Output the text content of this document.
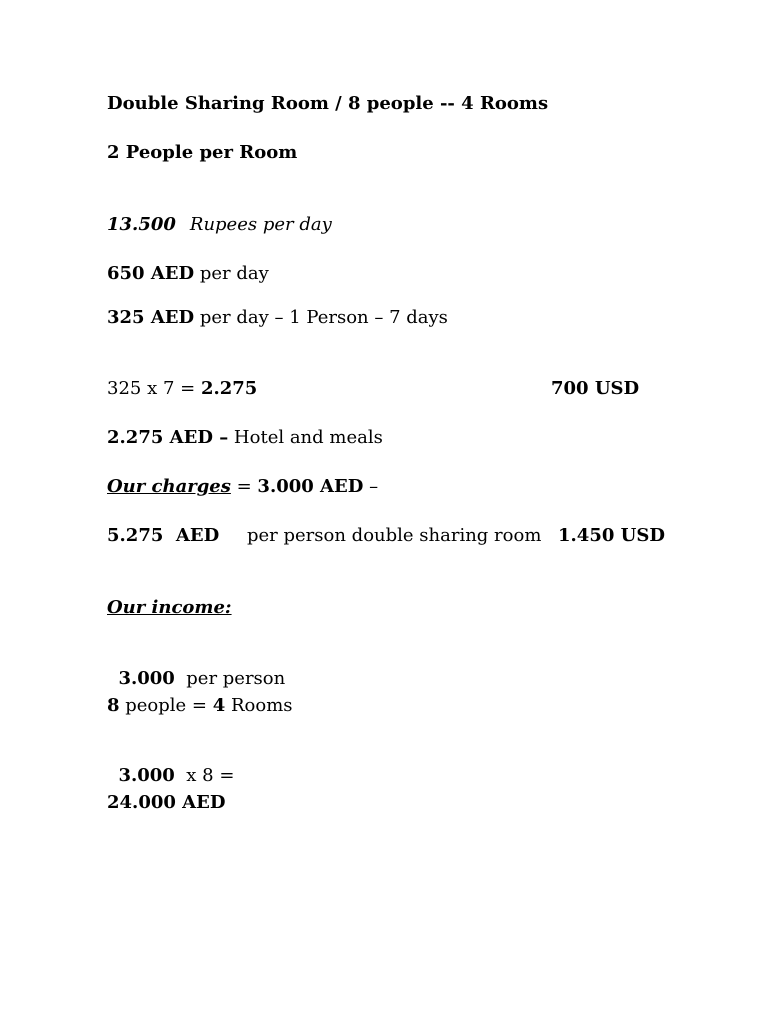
Double Sharing Room / 8 people -- 4 Rooms
2 People per Room
13.500 Rupees per day
650 AED per day
325 AED per day – 1 Person – 7 days
325 x 7 = 2.275	700 USD
2.275 AED – Hotel and meals
Our charges = 3.000 AED –
5.275  AED per person double sharing room 1.450 USD
Our income:

3.000  per person

8 people = 4 Rooms

3.000  x 8 =

24.000 AED
